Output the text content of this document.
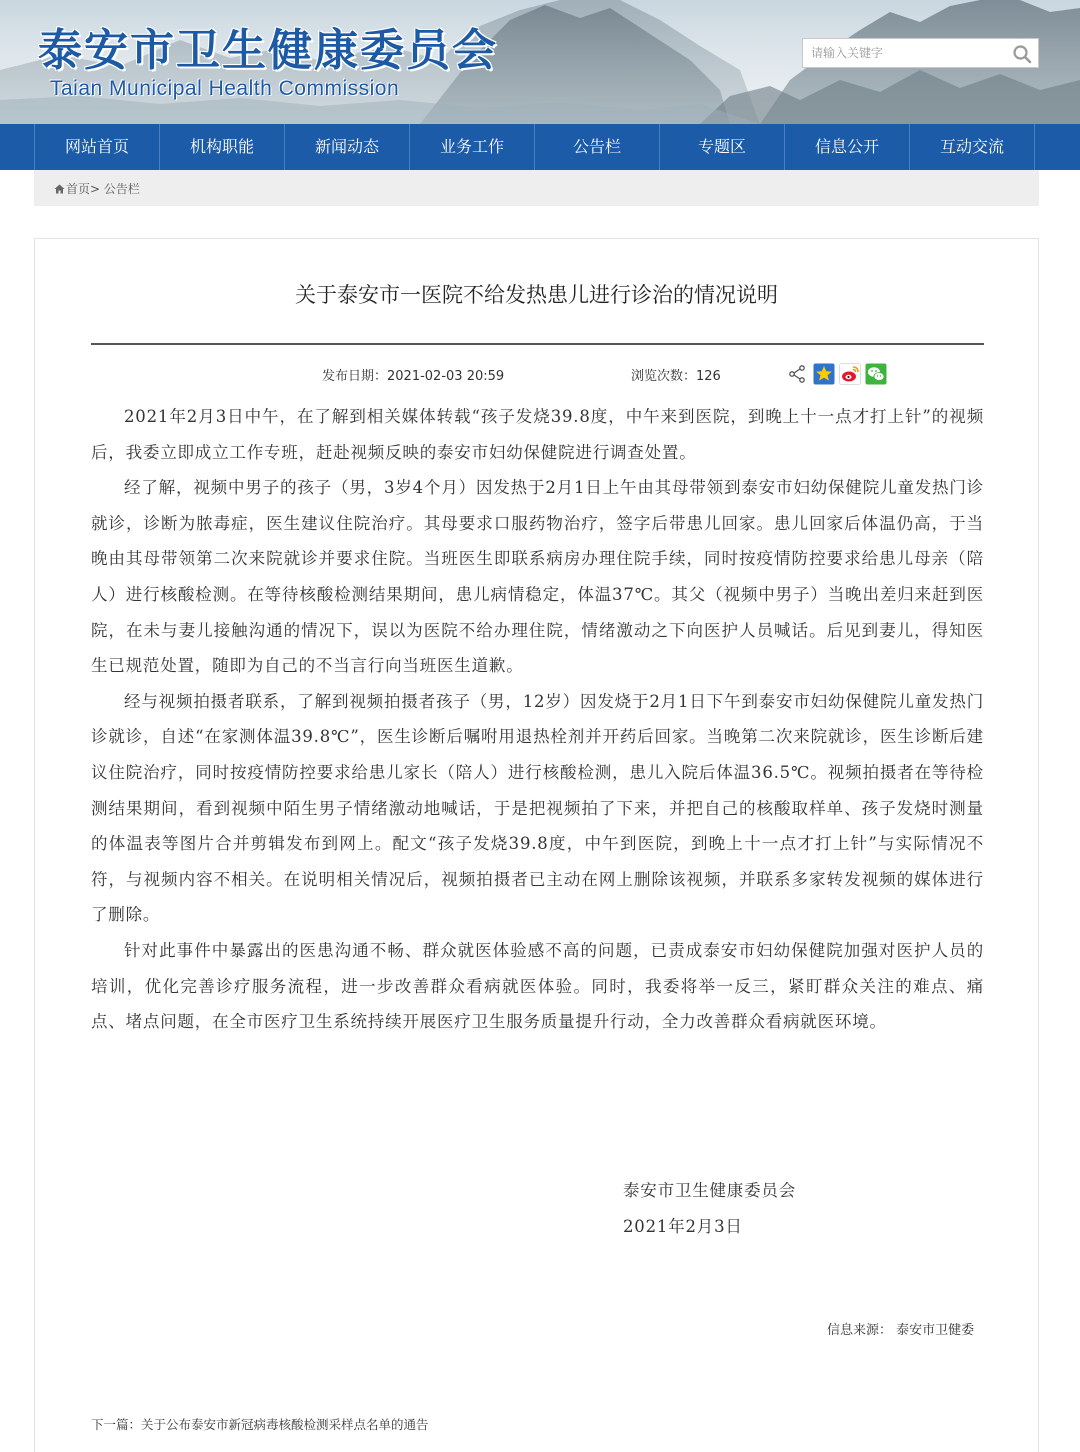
泰安市卫生健康委员会
Taian Municipal Health Commission
请输入关键字
网站首页	机构职能	新闻动态	业务工作	公告栏	专题区	信息公开	互动交流
首页> 公告栏
关于泰安市一医院不给发热患儿进行诊治的情况说明
发布日期：2021-02-03 20:59	浏览次数：126

2021年2月3日中午，在了解到相关媒体转载“孩子发烧39.8度，中午来到医院，到晚上十一点才打上针”的视频后，我委立即成立工作专班，赶赴视频反映的泰安市妇幼保健院进行调查处置。

经了解，视频中男子的孩子（男，3岁4个月）因发热于2月1日上午由其母带领到泰安市妇幼保健院儿童发热门诊就诊，诊断为脓毒症，医生建议住院治疗。其母要求口服药物治疗，签字后带患儿回家。患儿回家后体温仍高，于当晚由其母带领第二次来院就诊并要求住院。当班医生即联系病房办理住院手续，同时按疫情防控要求给患儿母亲（陪人）进行核酸检测。在等待核酸检测结果期间，患儿病情稳定，体温37℃。其父（视频中男子）当晚出差归来赶到医院，在未与妻儿接触沟通的情况下，误以为医院不给办理住院，情绪激动之下向医护人员喊话。后见到妻儿，得知医生已规范处置，随即为自己的不当言行向当班医生道歉。

经与视频拍摄者联系，了解到视频拍摄者孩子（男，12岁）因发烧于2月1日下午到泰安市妇幼保健院儿童发热门诊就诊，自述“在家测体温39.8℃”，医生诊断后嘱咐用退热栓剂并开药后回家。当晚第二次来院就诊，医生诊断后建议住院治疗，同时按疫情防控要求给患儿家长（陪人）进行核酸检测，患儿入院后体温36.5℃。视频拍摄者在等待检测结果期间，看到视频中陌生男子情绪激动地喊话，于是把视频拍了下来，并把自己的核酸取样单、孩子发烧时测量的体温表等图片合并剪辑发布到网上。配文“孩子发烧39.8度，中午到医院，到晚上十一点才打上针”与实际情况不符，与视频内容不相关。在说明相关情况后，视频拍摄者已主动在网上删除该视频，并联系多家转发视频的媒体进行了删除。

针对此事件中暴露出的医患沟通不畅、群众就医体验感不高的问题，已责成泰安市妇幼保健院加强对医护人员的培训，优化完善诊疗服务流程，进一步改善群众看病就医体验。同时，我委将举一反三，紧盯群众关注的难点、痛点、堵点问题，在全市医疗卫生系统持续开展医疗卫生服务质量提升行动，全力改善群众看病就医环境。

泰安市卫生健康委员会
2021年2月3日
信息来源： 泰安市卫健委
下一篇：关于公布泰安市新冠病毒核酸检测采样点名单的通告
